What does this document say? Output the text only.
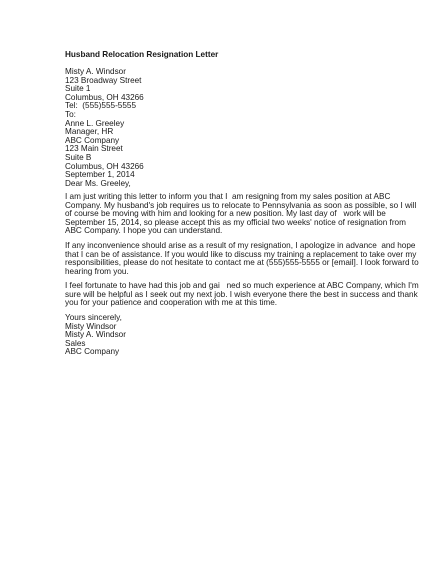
Husband Relocation Resignation Letter
Misty A. Windsor
123 Broadway Street
Suite 1
Columbus, OH 43266
Tel:  (555)555-5555
To:
Anne L. Greeley
Manager, HR
ABC Company
123 Main Street
Suite B
Columbus, OH 43266
September 1, 2014
Dear Ms. Greeley,
I am just writing this letter to inform you that I  am resigning from my sales position at ABC
Company. My husband's job requires us to relocate to Pennsylvania as soon as possible, so I will
of course be moving with him and looking for a new position. My last day of   work will be
September 15, 2014, so please accept this as my official two weeks' notice of resignation from
ABC Company. I hope you can understand.
If any inconvenience should arise as a result of my resignation, I apologize in advance  and hope
that I can be of assistance. If you would like to discuss my training a replacement to take over my
responsibilities, please do not hesitate to contact me at (555)555-5555 or [email]. I look forward to
hearing from you.
I feel fortunate to have had this job and gai   ned so much experience at ABC Company, which I'm
sure will be helpful as I seek out my next job. I wish everyone there the best in success and thank
you for your patience and cooperation with me at this time.
Yours sincerely,
Misty Windsor
Misty A. Windsor
Sales
ABC Company
